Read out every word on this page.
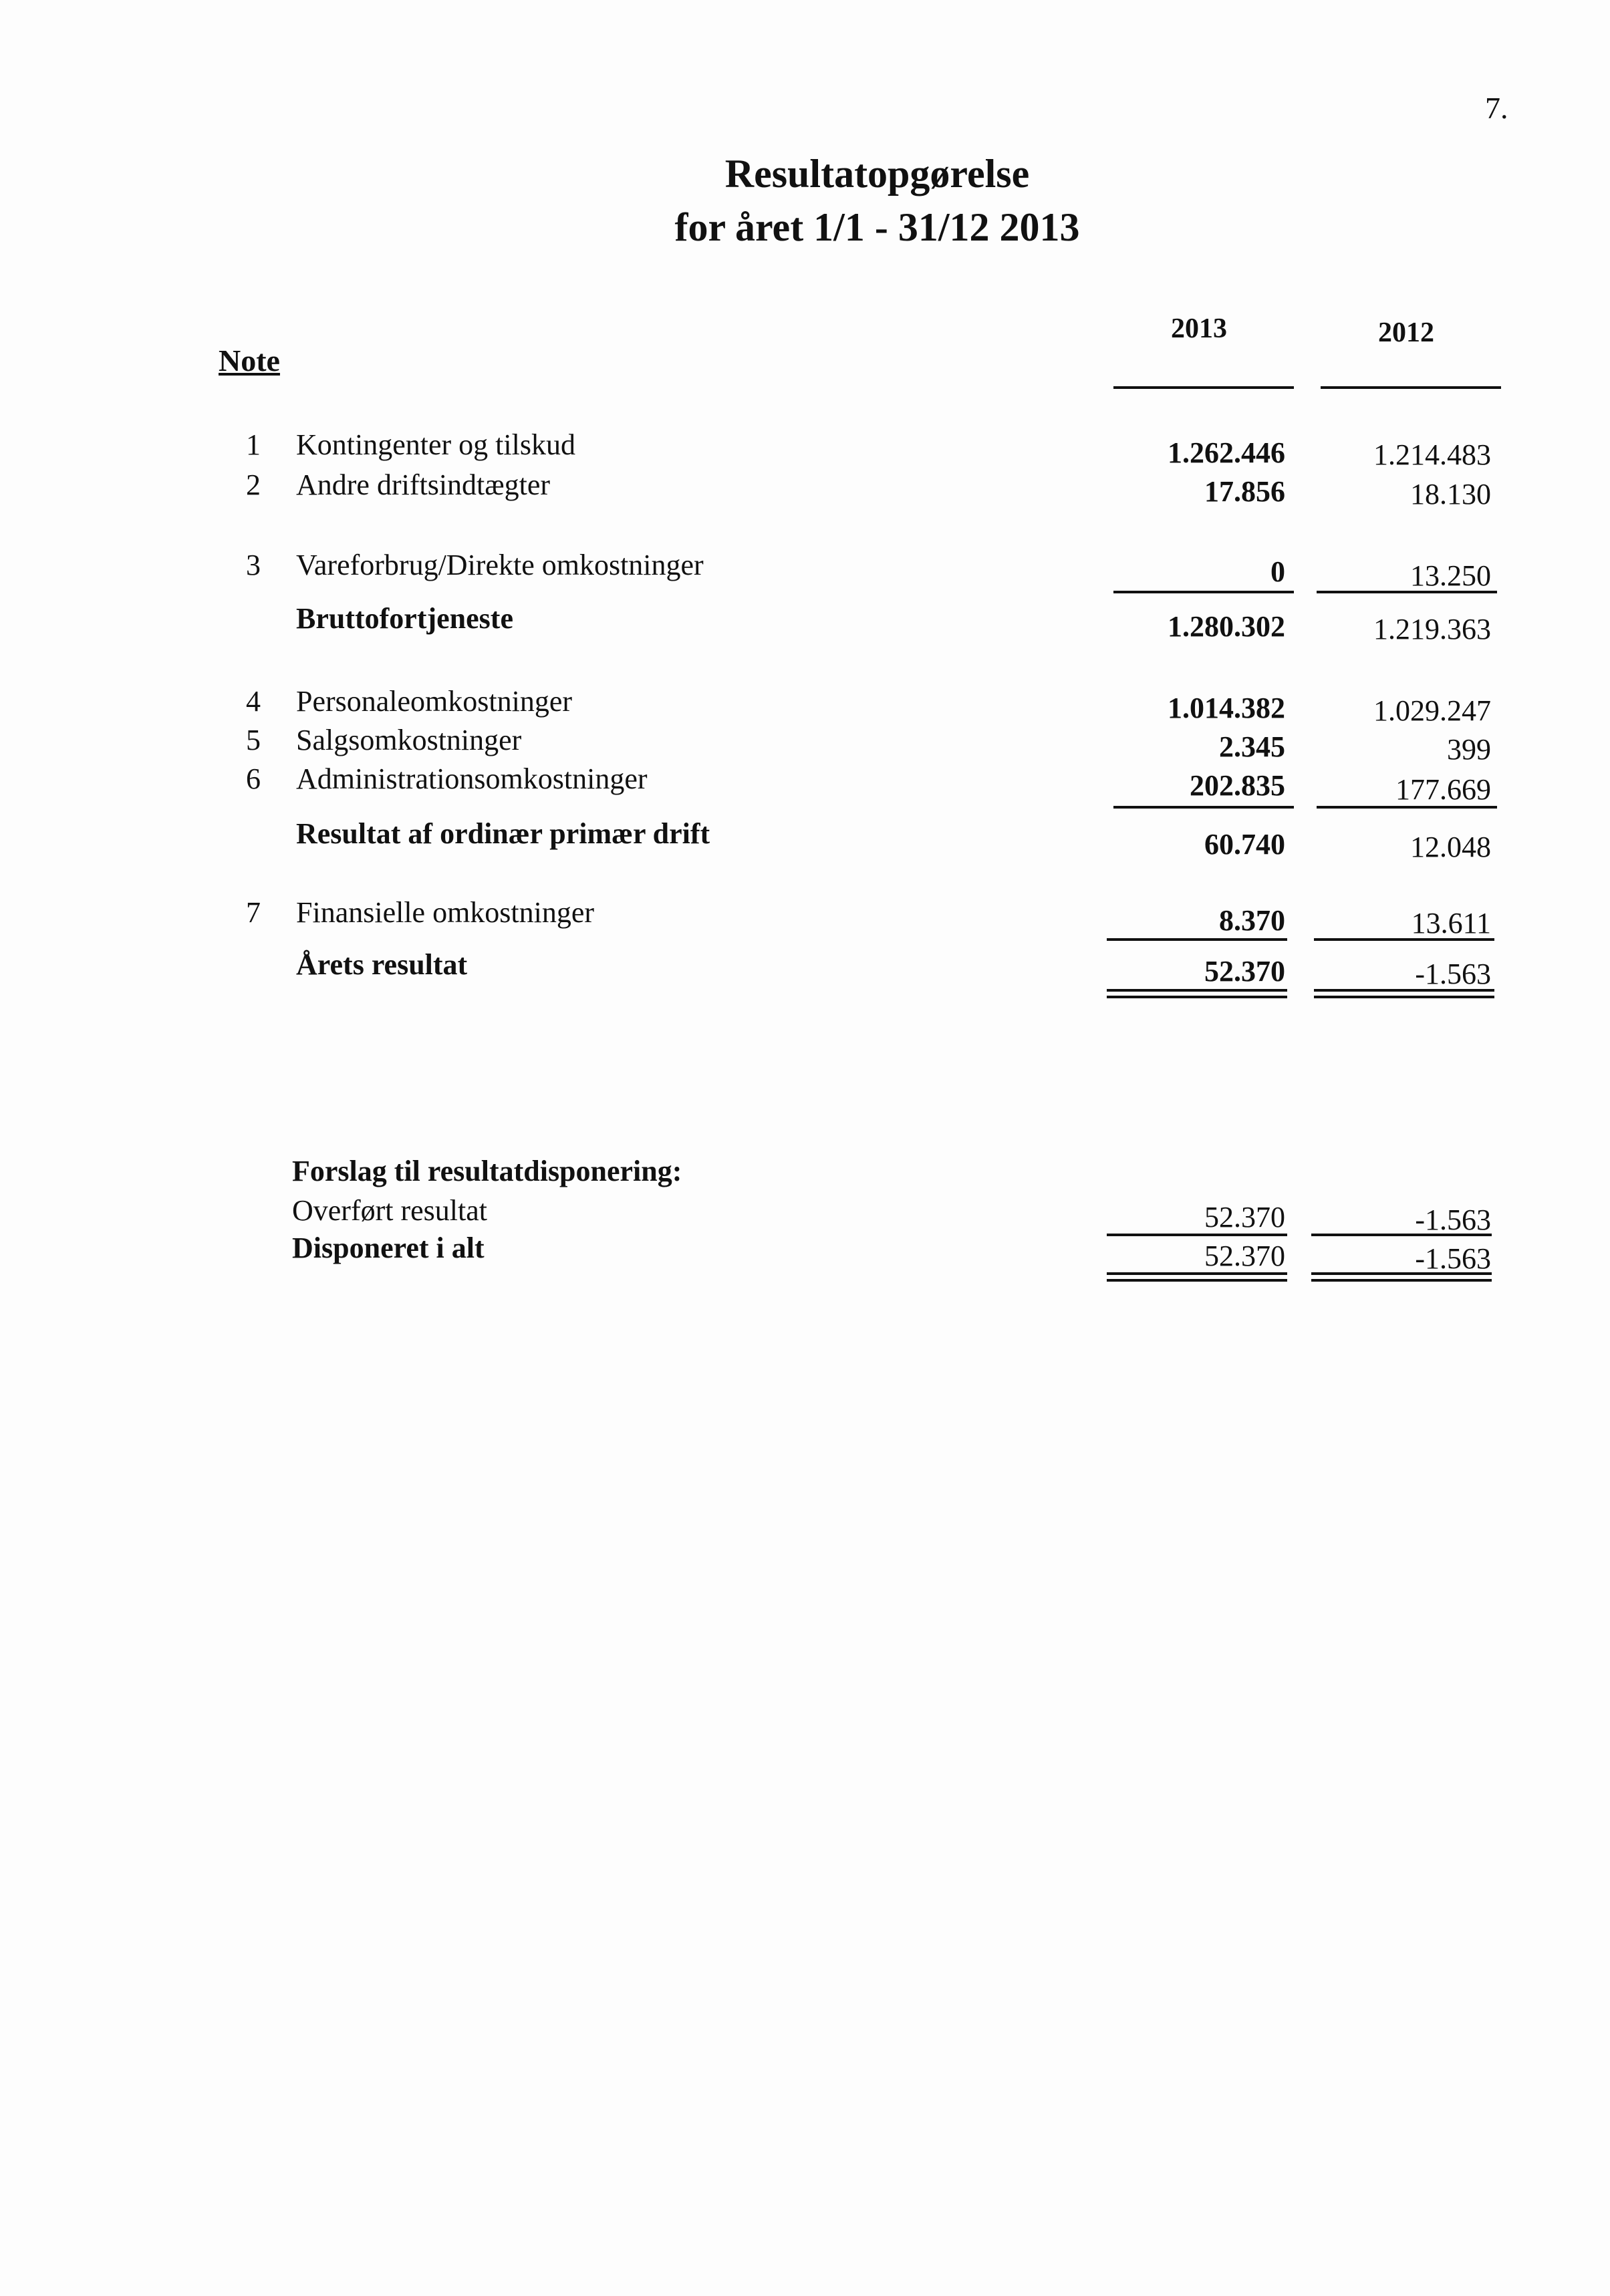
7.
Resultatopgørelse
for året 1/1 - 31/12 2013
2013	2012
Note
1 Kontingenter og tilskud	1.262.446	1.214.483
2 Andre driftsindtægter	17.856	18.130
3 Vareforbrug/Direkte omkostninger	0	13.250
Bruttofortjeneste	1.280.302	1.219.363
4 Personaleomkostninger	1.014.382	1.029.247
5 Salgsomkostninger	2.345	399
6 Administrationsomkostninger	202.835	177.669
Resultat af ordinær primær drift	60.740	12.048
7 Finansielle omkostninger	8.370	13.611
Årets resultat	52.370	-1.563
Forslag til resultatdisponering:
Overført resultat	52.370	-1.563
Disponeret i alt	52.370	-1.563
